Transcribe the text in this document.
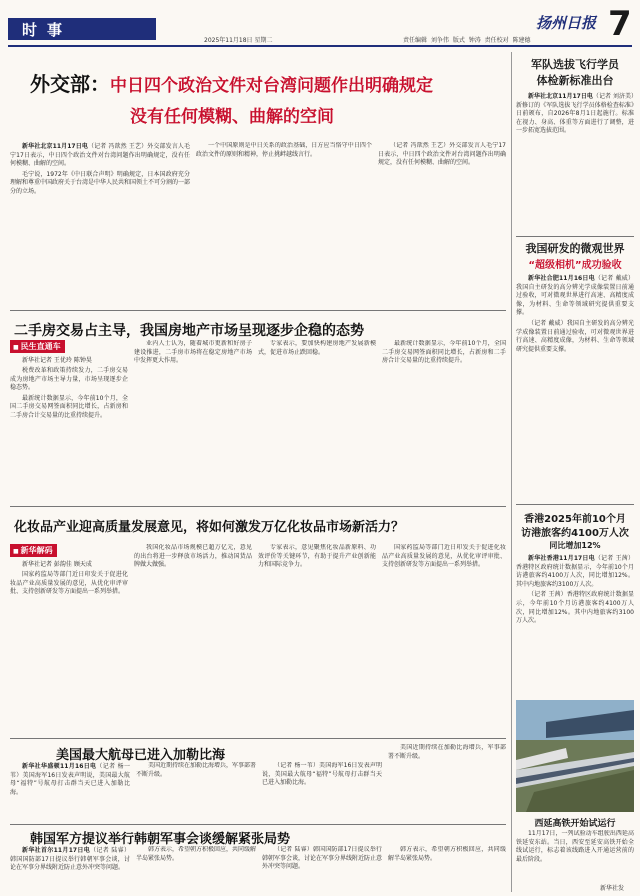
时事
2025年11月18日 星期二	责任编辑 刘争伟 版式 钟涛 责任校对 陈建德
扬州日报 7
外交部：中日四个政治文件对台湾问题作出明确规定
没有任何模糊、曲解的空间

新华社北京11月17日电（记者 冯歆然 王艺）外交部发言人毛宁17日表示，中日四个政治文件对台湾问题作出明确规定，没有任何模糊、曲解的空间。

毛宁说，1972年《中日联合声明》明确规定，日本国政府充分理解和尊重中国政府关于台湾是中华人民共和国领土不可分割的一部分的立场。

一个中国原则是中日关系的政治基础，日方应当恪守中日四个政治文件的原则和精神，停止挑衅越线言行。

（记者 冯歆然 王艺）外交部发言人毛宁17日表示，中日四个政治文件对台湾问题作出明确规定，没有任何模糊、曲解的空间。

二手房交易占主导，我国房地产市场呈现逐步企稳的态势
■ 民生直通车

新华社记者 王优玲 陈钟昊

税费改革和政策持续发力，二手房交易成为房地产市场主导力量，市场呈现逐步企稳态势。

最新统计数据显示，今年前10个月，全国二手房交易网签面积同比增长，占新房和二手房合计交易量的比重持续提升。

业内人士认为，随着城市更新和好房子建设推进，二手房市场将在稳定房地产市场中发挥更大作用。

专家表示，要加快构建房地产发展新模式，促进市场止跌回稳。

最新统计数据显示，今年前10个月，全国二手房交易网签面积同比增长，占新房和二手房合计交易量的比重持续提升。

化妆品产业迎高质量发展意见，将如何激发万亿化妆品市场新活力？
■ 新华解码

新华社记者 彭韵佳 顾天成

国家药监局等部门近日印发关于促进化妆品产业高质量发展的意见，从优化审评审批、支持创新研发等方面提出一系列举措。

我国化妆品市场规模已超万亿元，意见的出台将进一步释放市场活力，推动国货品牌做大做强。

专家表示，意见聚焦化妆品新原料、功效评价等关键环节，有助于提升产业创新能力和国际竞争力。

国家药监局等部门近日印发关于促进化妆品产业高质量发展的意见，从优化审评审批、支持创新研发等方面提出一系列举措。

美国最大航母已进入加勒比海

新华社华盛顿11月16日电（记者 杨一苇）美国海军16日发表声明说，美国最大航母“福特”号航母打击群当天已进入加勒比海。

美国近期持续在加勒比海增兵，军事部署不断升级。

（记者 杨一苇）美国海军16日发表声明说，美国最大航母“福特”号航母打击群当天已进入加勒比海。

美国近期持续在加勒比海增兵，军事部署不断升级。

韩国军方提议举行韩朝军事会谈缓解紧张局势

新华社首尔11月17日电（记者 陆睿）韩国国防部17日提议举行韩朝军事会谈，讨论在军事分界线附近防止意外冲突等问题。

韩方表示，希望朝方积极回应，共同缓解半岛紧张局势。

（记者 陆睿）韩国国防部17日提议举行韩朝军事会谈，讨论在军事分界线附近防止意外冲突等问题。

韩方表示，希望朝方积极回应，共同缓解半岛紧张局势。

军队选拔飞行学员
体检新标准出台

新华社北京11月17日电（记者 刘济美）新修订的《军队选拔飞行学员体格检查标准》日前颁布，自2026年8月1日起施行。标准在视力、身高、体重等方面进行了调整，进一步拓宽选拔范围。

我国研发的微观世界
“超级相机”成功验收

新华社合肥11月16日电（记者 戴威）我国自主研发的高分辨光学成像装置日前通过验收，可对微观世界进行高速、高精度成像，为材料、生命等领域研究提供重要支撑。

（记者 戴威）我国自主研发的高分辨光学成像装置日前通过验收，可对微观世界进行高速、高精度成像，为材料、生命等领域研究提供重要支撑。

香港2025年前10个月
访港旅客约4100万人次
同比增加12%

新华社香港11月17日电（记者 王茜）香港特区政府统计数据显示，今年前10个月访港旅客约4100万人次，同比增加12%。其中内地旅客约3100万人次。

（记者 王茜）香港特区政府统计数据显示，今年前10个月访港旅客约4100万人次，同比增加12%。其中内地旅客约3100万人次。

西延高铁开始试运行

11月17日，一列试验动车组驶出西延高铁延安东站。当日，西安至延安高铁开始全线试运行，标志着该线路进入开通运营前的最后阶段。

新华社发
